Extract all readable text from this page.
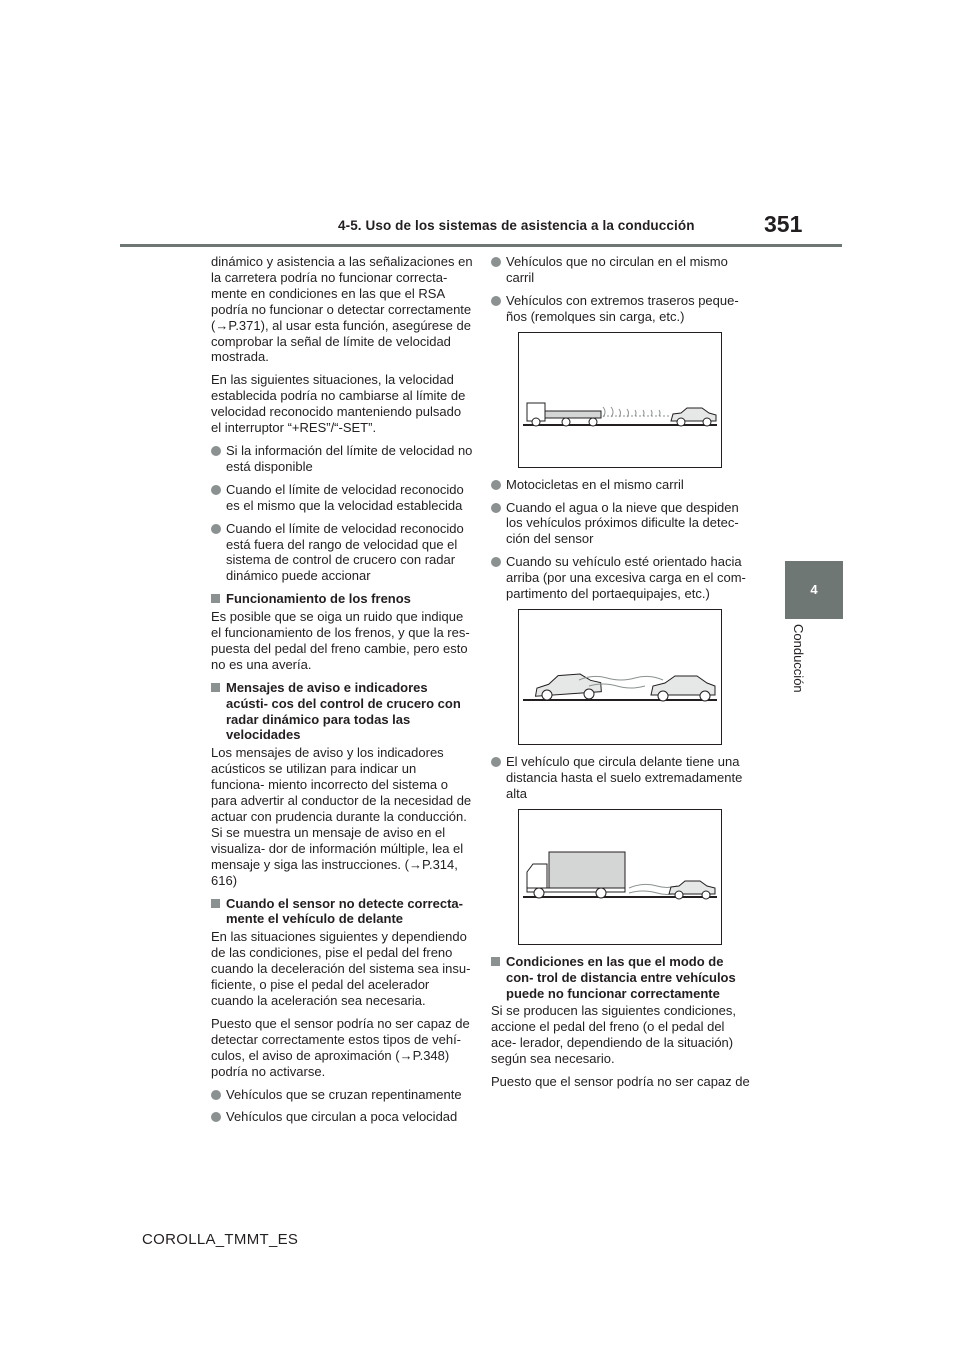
4-5. Uso de los sistemas de asistencia a la conducción	351
4
Conducción

dinámico y asistencia a las señalizaciones en la carretera podría no funcionar correcta- mente en condiciones en las que el RSA podría no funcionar o detectar correctamente (→P.371), al usar esta función, asegúrese de comprobar la señal de límite de velocidad mostrada.

En las siguientes situaciones, la velocidad establecida podría no cambiarse al límite de velocidad reconocido manteniendo pulsado el interruptor “+RES”/“-SET”.

Si la información del límite de velocidad no está disponible
Cuando el límite de velocidad reconocido es el mismo que la velocidad establecida
Cuando el límite de velocidad reconocido está fuera del rango de velocidad que el sistema de control de crucero con radar dinámico puede accionar
Funcionamiento de los frenos

Es posible que se oiga un ruido que indique el funcionamiento de los frenos, y que la res- puesta del pedal del freno cambie, pero esto no es una avería.

Mensajes de aviso e indicadores acústi- cos del control de crucero con radar dinámico para todas las velocidades

Los mensajes de aviso y los indicadores acústicos se utilizan para indicar un funciona- miento incorrecto del sistema o para advertir al conductor de la necesidad de actuar con prudencia durante la conducción. Si se muestra un mensaje de aviso en el visualiza- dor de información múltiple, lea el mensaje y siga las instrucciones. (→P.314, 616)

Cuando el sensor no detecte correcta- mente el vehículo de delante

En las situaciones siguientes y dependiendo de las condiciones, pise el pedal del freno cuando la deceleración del sistema sea insu- ficiente, o pise el pedal del acelerador cuando la aceleración sea necesaria.

Puesto que el sensor podría no ser capaz de detectar correctamente estos tipos de vehí- culos, el aviso de aproximación (→P.348) podría no activarse.

Vehículos que se cruzan repentinamente
Vehículos que circulan a poca velocidad
Vehículos que no circulan en el mismo carril
Vehículos con extremos traseros peque- ños (remolques sin carga, etc.)
Motocicletas en el mismo carril
Cuando el agua o la nieve que despiden los vehículos próximos dificulte la detec- ción del sensor
Cuando su vehículo esté orientado hacia arriba (por una excesiva carga en el com- partimento del portaequipajes, etc.)
El vehículo que circula delante tiene una distancia hasta el suelo extremadamente alta
Condiciones en las que el modo de con- trol de distancia entre vehículos puede no funcionar correctamente

Si se producen las siguientes condiciones, accione el pedal del freno (o el pedal del ace- lerador, dependiendo de la situación) según sea necesario.

Puesto que el sensor podría no ser capaz de

COROLLA_TMMT_ES
